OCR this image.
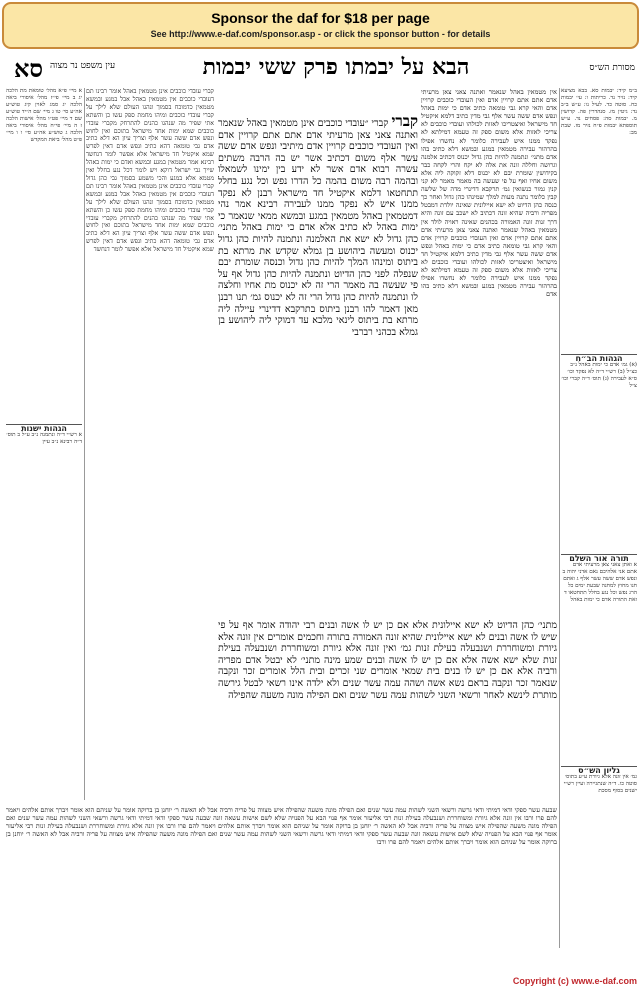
Sponsor the daf for $18 per page
See http://www.e-daf.com/sponsor.asp - or click the sponsor button - for details
סא עין משפט נר מצוה	הבא על יבמתו פרק ששי יבמות	מסורת הש״ס
ב״מ קיד: יבמות סא. בבא מציעא קיד: נזיר נד. כריתות ו: עי׳ יבמות כח. סוטה כד. לעיל נו: ע״ש ב״ב נד: גיטין מז. סנהדרין פה. קדושין מ. יבמות סה: פסחים נד. ע״ש תוספתא יבמות פ״ח נזיר מז. שבת מב:
הגהות הב״ח
(א) גמ׳ אדם כי ימות באהל נ״ב כצ״ל (ב) רש״י ד״ה לא נפקד וכו׳ ס״א לעבירה (ג) תוס׳ ד״ה קברי וכו׳ צ״ל
תורה אור השלם
א ואתן צאני צאן מרעיתי אדם אתם אני אלהיכם נאם אדני יהוה ב ונפש אדם ששה עשר אלף ג ואתם חנו מחוץ למחנה שבעת ימים כל הרג נפש וכל נגע בחלל תתחטאו ד זאת התורה אדם כי ימות באהל
גליון הש״ס
גמ׳ אין זונה אלא גיורת ע״ע בתוס׳ סוטה כו. ד״ה שנתגיירה ועיין רש״י ישנים בסוף מסכת
אין מטמאין באהל שנאמר ואתנה צאני צאן מרעיתי אדם אתם אתם קרויין אדם ואין העובדי כוכבים קרויין אדם והאי קרא גבי טומאה כתיב אדם כי ימות באהל ונפש אדם ששה עשר אלף גבי מדין כתיב דלמא איקטיל חד מישראל ואיצטריכו לאזות לכולהו ועובדי כוכבים לא צריכי לאזות אלא משום ספק זה טעמא דמילתא לא נפקד ממנו איש לעבירה כלומר לא נחשדו אפילו בהרהור עבירה מטמאין במגע ובמשא דלא כתיב בהו אדם מתני׳ ונתמנה להיות כהן גדול יכנוס דכתיב אלמנה וגרושה וחללה זונה את אלה לא יקח והרי לקחה כבר בקידושין שומרת יבם לא יכנוס דלא זקוקה ליה אלא משום אחיו ואף על פי שעשה בה מאמר מאמר לא קני קנין גמור כנשואין גמ׳ תרקבא דדינרי מדה של שלשה קבין כלומר נתנה מעות למלך שמינהו כהן גדול ואחר כך כנסה כהן הדיוט לא ישא איילונית שאינה יולדת דמבטל מפריה ורביה שהיא זונה דכתיב לא ישכב עם זונה והיא דרך זנות זונה האמורה בכהנים שאינה ראויה לולד אין מטמאין באהל שנאמר ואתנה צאני צאן מרעיתי אדם אתם אתם קרויין אדם ואין העובדי כוכבים קרויין אדם והאי קרא גבי טומאה כתיב אדם כי ימות באהל ונפש אדם ששה עשר אלף גבי מדין כתיב דלמא איקטיל חד מישראל ואיצטריכו לאזות לכולהו ועובדי כוכבים לא צריכי לאזות אלא משום ספק זה טעמא דמילתא לא נפקד ממנו איש לעבירה כלומר לא נחשדו אפילו בהרהור עבירה מטמאין במגע ובמשא דלא כתיב בהו אדם
קברי קברי ״עובדי כוכבים אינן מטמאין באהל שנאמר ואתנה צאני צאן מרעיתי אדם אתם אתם קרויין אדם ואין העובדי כוכבים קרויין אדם מיתיבי ונפש אדם ששה עשר אלף משום דכתיב אשר יש בה הרבה משתים עשרה רבוא אדם אשר לא ידע בין ימינו לשמאלו ובהמה רבה משום בהמה כל הדרו נפש וכל נגע בחלל תתחטאו דלמא איקטיל חד מישראל רבנן לא נפקד ממנו איש לא נפקד ממנו לעבירה רבינא אמר נהי דמטמאין באהל מטמאין במגע ובמשא ממאי שנאמר כי ימות באהל לא כתיב אלא אדם כי ימות באהל מתני׳ כהן גדול לא ישא את האלמנה ונתמנה להיות כהן גדול יכנוס ומעשה ביהושע בן גמלא שקדש את מרתא בת ביתוס ומינהו המלך להיות כהן גדול וכנסה שומרת יבם שנפלה לפני כהן הדיוט ונתמנה להיות כהן גדול אף על פי שעשה בה מאמר הרי זה לא יכנוס מת אחיו וחלצה לו ונתמנה להיות כהן גדול הרי זה לא יכנוס גמ׳ תנו רבנן מאן דאמר להו רבנן ביתוס בתרקבא דדינרי עיילה ליה מרתא בת ביתוס לינאי מלכא עד דמוקי ליה ליהושע בן גמלא בכהני רברבי
מתני׳ כהן הדיוט לא ישא איילונית אלא אם כן יש לו אשה ובנים רבי יהודה אומר אף על פי שיש לו אשה ובנים לא ישא איילונית שהיא זונה האמורה בתורה וחכמים אומרים אין זונה אלא גיורת ומשוחררת ושנבעלה בעילת זנות גמ׳ ואין זונה אלא גיורת ומשוחררת ושנבעלה בעילת זנות שלא ישא אשה אלא אם כן יש לו אשה ובנים שמע מינה מתני׳ לא יבטל אדם מפריה ורביה אלא אם כן יש לו בנים בית שמאי אומרים שני זכרים ובית הלל אומרים זכר ונקבה שנאמר זכר ונקבה בראם נשא אשה ושהה עמה עשר שנים ולא ילדה אינו רשאי לבטל גירשה מותרת לינשא לאחר ורשאי השני לשהות עמה עשר שנים ואם הפילה מונה משעה שהפילה
קברי עובדי כוכבים אינן מטמאין באהל אומר רבינו תם דעובדי כוכבים אין מטמאין באהל אבל במגע ובמשא מטמאין כדמוכח בסמוך ונהגו העולם שלא לילך על קברי עובדי כוכבים ומיהו מחמת ספק עשו כן והשתא אתי שפיר מה שנהגו כהנים להתרחק מקברי עובדי כוכבים שמא ימות אחד מישראל בתוכם ואין לחוש ונפש אדם ששה עשר אלף וצריך עיון הא דלא כתיב אדם גבי טומאה דהא כתיב ונפש אדם דאין לפרש שמא איקטיל חד מישראל אלא אפשר לומר דנחשד רבינא אמר מטמאין במגע ובמשא ואדם כי ימות באהל שייך גבי ישראל דוקא ויש לומר דכל נגע בחלל ואין מטמא אלא במגע והכי משמע בסמוך גבי כהן גדול קברי עובדי כוכבים אינן מטמאין באהל אומר רבינו תם דעובדי כוכבים אין מטמאין באהל אבל במגע ובמשא מטמאין כדמוכח בסמוך ונהגו העולם שלא לילך על קברי עובדי כוכבים ומיהו מחמת ספק עשו כן והשתא אתי שפיר מה שנהגו כהנים להתרחק מקברי עובדי כוכבים שמא ימות אחד מישראל בתוכם ואין לחוש ונפש אדם ששה עשר אלף וצריך עיון הא דלא כתיב אדם גבי טומאה דהא כתיב ונפש אדם דאין לפרש שמא איקטיל חד מישראל אלא אפשר לומר דנחשד
א מיי׳ פ״א מהל׳ טומאת מת הלכה יג ב מיי׳ פי״ז מהל׳ איסורי ביאה הלכה יג סמג לאוין קיג טוש״ע אה״ע סי׳ טו ג מיי׳ שם ה״יד טוש״ע שם ד מיי׳ פט״ו מהל׳ אישות הלכה ז ה מיי׳ פי״ח מהל׳ איסורי ביאה הלכה ג טוש״ע אה״ע סי׳ ו ו מיי׳ פ״ט מהל׳ ביאת המקדש
הגהות ישנות
א רש״י ד״ה ונתמנה נ״ב ע״ל ב תוס׳ ד״ה רבינא נ״ב עיין
שבעה עשר ספקי ודאי דמיתי ודאי גרשה ורשאי השני לשהות עמה עשר שנים ואם הפילה מונה משעה שהפילה איש מצווה על פריה ורביה אבל לא האשה ר׳ יוחנן בן ברוקה אומר על שניהם הוא אומר ויברך אותם אלהים ויאמר להם פרו ורבו אין זונה אלא גיורת ומשוחררת ושנבעלה בעילת זנות רבי אליעזר אומר אף פנוי הבא על הפנויה שלא לשם אישות עשאה זונה שבעה עשר ספקי ודאי דמיתי ודאי גרשה ורשאי השני לשהות עמה עשר שנים ואם הפילה מונה משעה שהפילה איש מצווה על פריה ורביה אבל לא האשה ר׳ יוחנן בן ברוקה אומר על שניהם הוא אומר ויברך אותם אלהים ויאמר להם פרו ורבו אין זונה אלא גיורת ומשוחררת ושנבעלה בעילת זנות רבי אליעזר אומר אף פנוי הבא על הפנויה שלא לשם אישות עשאה זונה שבעה עשר ספקי ודאי דמיתי ודאי גרשה ורשאי השני לשהות עמה עשר שנים ואם הפילה מונה משעה שהפילה איש מצווה על פריה ורביה אבל לא האשה ר׳ יוחנן בן ברוקה אומר על שניהם הוא אומר ויברך אותם אלהים ויאמר להם פרו ורבו
Copyright (c) www.e-daf.com
